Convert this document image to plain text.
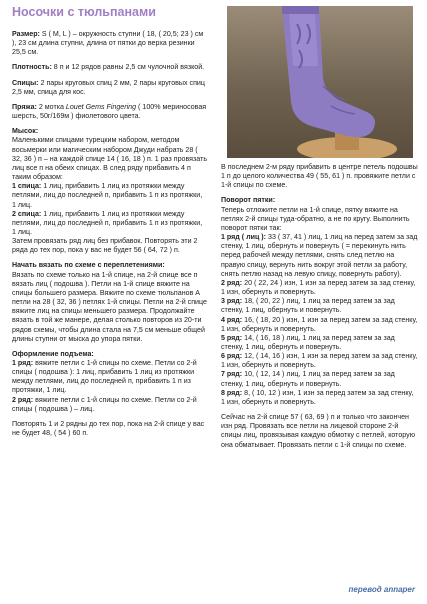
Носочки с тюльпанами

Размер: S ( M, L ) – окружность ступни ( 18, ( 20,5; 23 ) см ), 23 см длина ступни, длина от пятки до верха резинки 25,5 см.

Плотность: 8 п и 12 рядов равны 2,5 см чулочной вязкой.

Спицы: 2 пары круговых спиц 2 мм, 2 пары круговых спиц 2,5 мм, спица для кос.

Пряжа: 2 мотка Louet Gems Fingering ( 100% мериносовая шерсть, 50г/169м ) фиолетового цвета.

Мысок:
Маленькими спицами турецким набором, методом восьмерки или магическим набором Джуди набрать 28 ( 32, 36 ) п – на каждой спице 14 ( 16, 18 ) п. 1 раз провязать лиц все п на обеих спицах. В след ряду прибавить 4 п таким образом:
1 спица: 1 лиц, прибавить 1 лиц из протяжки между петлями, лиц до последней п, прибавить 1 п из протяжки, 1 лиц.
2 спица: 1 лиц, прибавить 1 лиц из протяжки между петлями, лиц до последней п, прибавить 1 п из протяжки, 1 лиц.
Затем провязать ряд лиц без прибавок. Повторять эти 2 ряда до тех пор, пока у вас не будет 56 ( 64, 72 ) п.

Начать вязать по схеме с переплетениями:
Вязать по схеме только на 1-й спице, на 2-й спице все п вязать лиц ( подошва ). Петли на 1-й спице вяжите на спицы большего размера. Вяжите по схеме тюльпанов А петли на 28 ( 32, 36 ) петлях 1-й спицы. Петли на 2-й спице вяжите лиц на спицы меньшего размера. Продолжайте вязать в той же манере, делая столько повторов из 20-ти рядов схемы, чтобы длина стала на 7,5 см меньше общей длины ступни от мыска до упора пятки.

Оформление подъема:
1 ряд: вяжите петли с 1-й спицы по схеме. Петли со 2-й спицы ( подошва ): 1 лиц, прибавить 1 лиц из протяжки между петлями, лиц до последней п, прибавить 1 п из протяжки, 1 лиц.
2 ряд: вяжите петли с 1-й спицы по схеме. Петли со 2-й спицы ( подошва ) – лиц.

Повторять 1 и 2 рядны до тех пор, пока на 2-й спице у вас не будет 48, ( 54 ) 60 п.

В последнем 2-м ряду прибавить в центре петель подошвы 1 п до целого количества 49 ( 55, 61 ) п. провяжите петли с 1-й спицы по схеме.

Поворот пятки:
Теперь отложите петли на 1-й спице, пятку вяжите на петлях 2-й спицы туда-обратно, а не по кругу. Выполнить поворот пятки так:

1 ряд ( лиц ): 33 ( 37, 41 ) лиц, 1 лиц на перед затем за зад стенку, 1 лиц, обернуть и повернуть ( = перекинуть нить перед рабочей между петлями, снять след петлю на правую спицу, вернуть нить вокруг этой петли за работу, снять петлю назад на левую спицу, повернуть работу).
2 ряд: 20 ( 22, 24 ) изн, 1 изн за перед затем за зад стенку, 1 изн, обернуть и повернуть.
3 ряд: 18, ( 20, 22 ) лиц, 1 лиц за перед затем за зад стенку, 1 лиц, обернуть и повернуть.
4 ряд: 16, ( 18, 20 ) изн, 1 изн за перед затем за зад стенку, 1 изн, обернуть и повернуть.
5 ряд: 14, ( 16, 18 ) лиц, 1 лиц за перед затем за зад стенку, 1 лиц, обернуть и повернуть.
6 ряд: 12, ( 14, 16 ) изн, 1 изн за перед затем за зад стенку, 1 изн, обернуть и повернуть.
7 ряд: 10, ( 12, 14 ) лиц, 1 лиц за перед затем за зад стенку, 1 лиц, обернуть и повернуть.
8 ряд: 8, ( 10, 12 ) изн, 1 изн за перед затем за зад стенку, 1 изн, обернуть и повернуть.

Сейчас на 2-й спице 57 ( 63, 69 ) п и только что закончен изн ряд. Провязать все петли на лицевой стороне 2-й спицы лиц, провязывая каждую обмотку с петлей, которую она обматывает. Провязать петли с 1-й спицы по схеме.

перевод annaper
